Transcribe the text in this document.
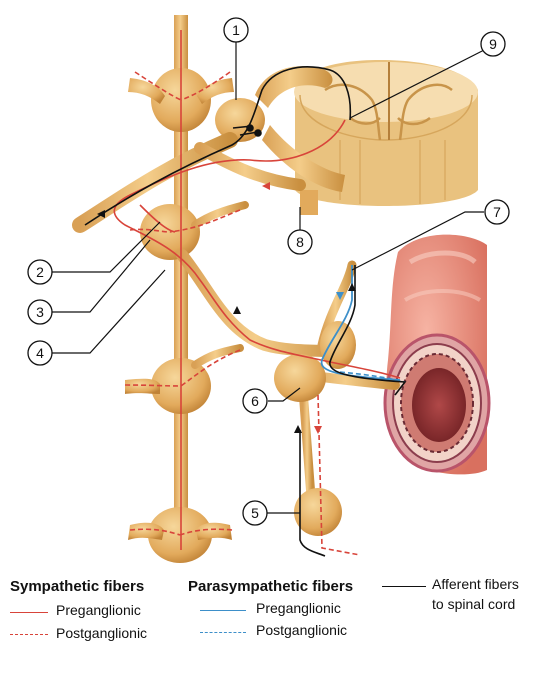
1
2
3
4
5
6
7
8
9
Sympathetic fibers	Parasympathetic fibers	Afferent fibers
to spinal cord
Preganglionic
Postganglionic
Preganglionic
Postganglionic
